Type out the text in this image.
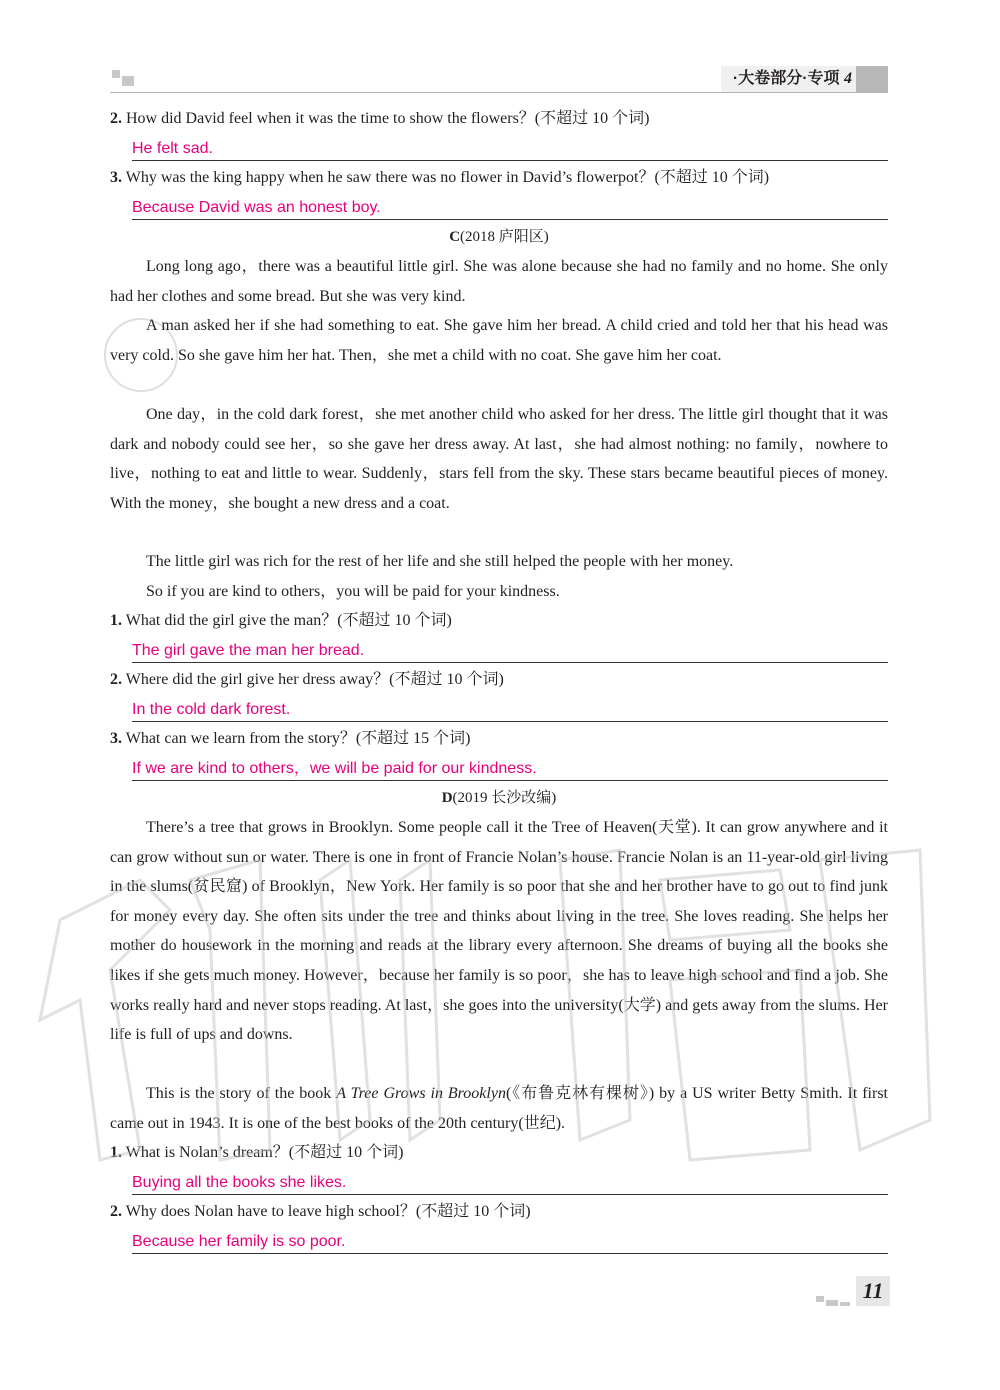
·大卷部分·专项 4
2. How did David feel when it was the time to show the flowers？(不超过 10 个词)
He felt sad.
3. Why was the king happy when he saw there was no flower in David’s flowerpot？(不超过 10 个词)
Because David was an honest boy.
C(2018 庐阳区)
Long long ago，there was a beautiful little girl. She was alone because she had no family and no home. She only had her clothes and some bread. But she was very kind.
A man asked her if she had something to eat. She gave him her bread. A child cried and told her that his head was very cold. So she gave him her hat. Then，she met a child with no coat. She gave him her coat.
One day，in the cold dark forest，she met another child who asked for her dress. The little girl thought that it was dark and nobody could see her，so she gave her dress away. At last，she had almost nothing: no family，nowhere to live，nothing to eat and little to wear. Suddenly，stars fell from the sky. These stars became beautiful pieces of money. With the money，she bought a new dress and a coat.
The little girl was rich for the rest of her life and she still helped the people with her money.
So if you are kind to others，you will be paid for your kindness.
1. What did the girl give the man？(不超过 10 个词)
The girl gave the man her bread.
2. Where did the girl give her dress away？(不超过 10 个词)
In the cold dark forest.
3. What can we learn from the story？(不超过 15 个词)
If we are kind to others，we will be paid for our kindness.
D(2019 长沙改编)
There’s a tree that grows in Brooklyn. Some people call it the Tree of Heaven(天堂). It can grow anywhere and it can grow without sun or water. There is one in front of Francie Nolan’s house. Francie Nolan is an 11-year-old girl living in the slums(贫民窟) of Brooklyn，New York. Her family is so poor that she and her brother have to go out to find junk for money every day. She often sits under the tree and thinks about living in the tree. She loves reading. She helps her mother do housework in the morning and reads at the library every afternoon. She dreams of buying all the books she likes if she gets much money. However，because her family is so poor，she has to leave high school and find a job. She works really hard and never stops reading. At last，she goes into the university(大学) and gets away from the slums. Her life is full of ups and downs.
This is the story of the book A Tree Grows in Brooklyn(《布鲁克林有棵树》) by a US writer Betty Smith. It first came out in 1943. It is one of the best books of the 20th century(世纪).
1. What is Nolan’s dream？(不超过 10 个词)
Buying all the books she likes.
2. Why does Nolan have to leave high school？(不超过 10 个词)
Because her family is so poor.
11
